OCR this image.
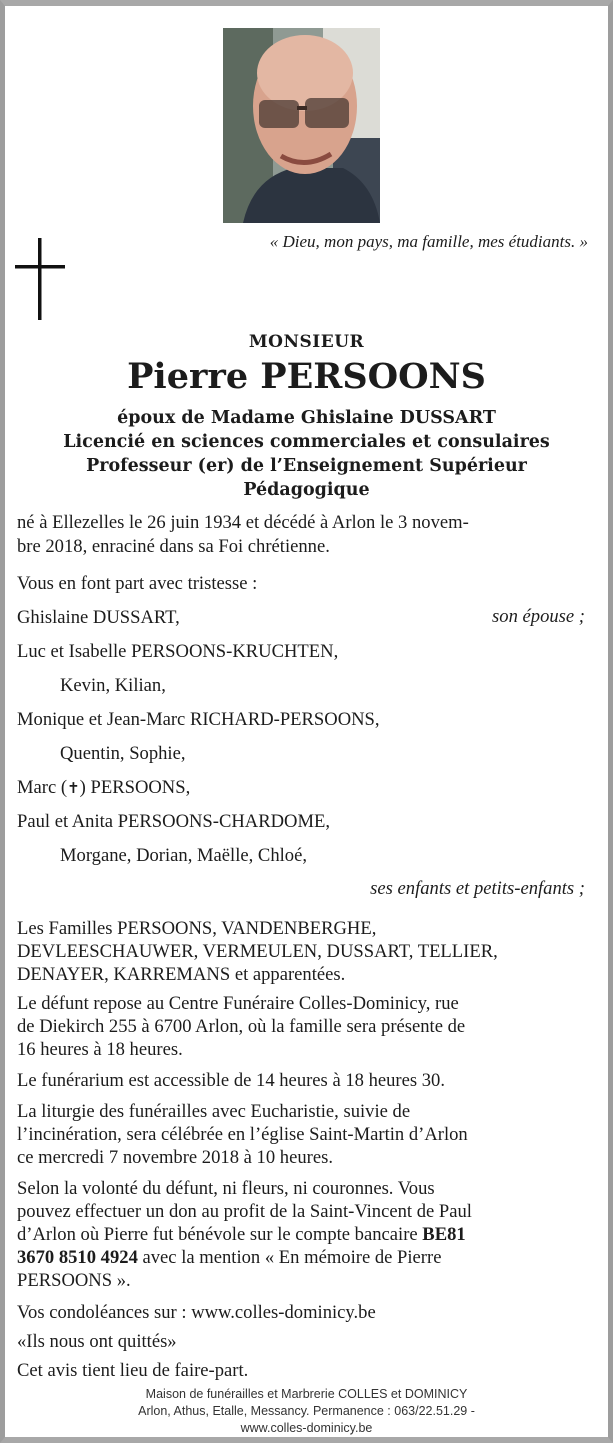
« Dieu, mon pays, ma famille, mes étudiants. »
MONSIEUR
Pierre PERSOONS
époux de Madame Ghislaine DUSSART
Licencié en sciences commerciales et consulaires
Professeur (er) de l’Enseignement Supérieur
Pédagogique
né à Ellezelles le 26 juin 1934 et décédé à Arlon le 3 novem-
bre 2018, enraciné dans sa Foi chrétienne.
Vous en font part avec tristesse :
Ghislaine DUSSART,	son épouse ;
Luc et Isabelle PERSOONS-KRUCHTEN,
Kevin, Kilian,
Monique et Jean-Marc RICHARD-PERSOONS,
Quentin, Sophie,
Marc (✝) PERSOONS,
Paul et Anita PERSOONS-CHARDOME,
Morgane, Dorian, Maëlle, Chloé,
ses enfants et petits-enfants ;
Les Familles PERSOONS, VANDENBERGHE,
DEVLEESCHAUWER, VERMEULEN, DUSSART, TELLIER,
DENAYER, KARREMANS et apparentées.
Le défunt repose au Centre Funéraire Colles-Dominicy, rue
de Diekirch 255 à 6700 Arlon, où la famille sera présente de
16 heures à 18 heures.
Le funérarium est accessible de 14 heures à 18 heures 30.
La liturgie des funérailles avec Eucharistie, suivie de
l’incinération, sera célébrée en l’église Saint-Martin d’Arlon
ce mercredi 7 novembre 2018 à 10 heures.
Selon la volonté du défunt, ni fleurs, ni couronnes. Vous
pouvez effectuer un don au profit de la Saint-Vincent de Paul
d’Arlon où Pierre fut bénévole sur le compte bancaire BE81
3670 8510 4924 avec la mention « En mémoire de Pierre
PERSOONS ».
Vos condoléances sur : www.colles-dominicy.be
«Ils nous ont quittés»
Cet avis tient lieu de faire-part.
Maison de funérailles et Marbrerie COLLES et DOMINICY
Arlon, Athus, Etalle, Messancy. Permanence : 063/22.51.29 -
www.colles-dominicy.be
